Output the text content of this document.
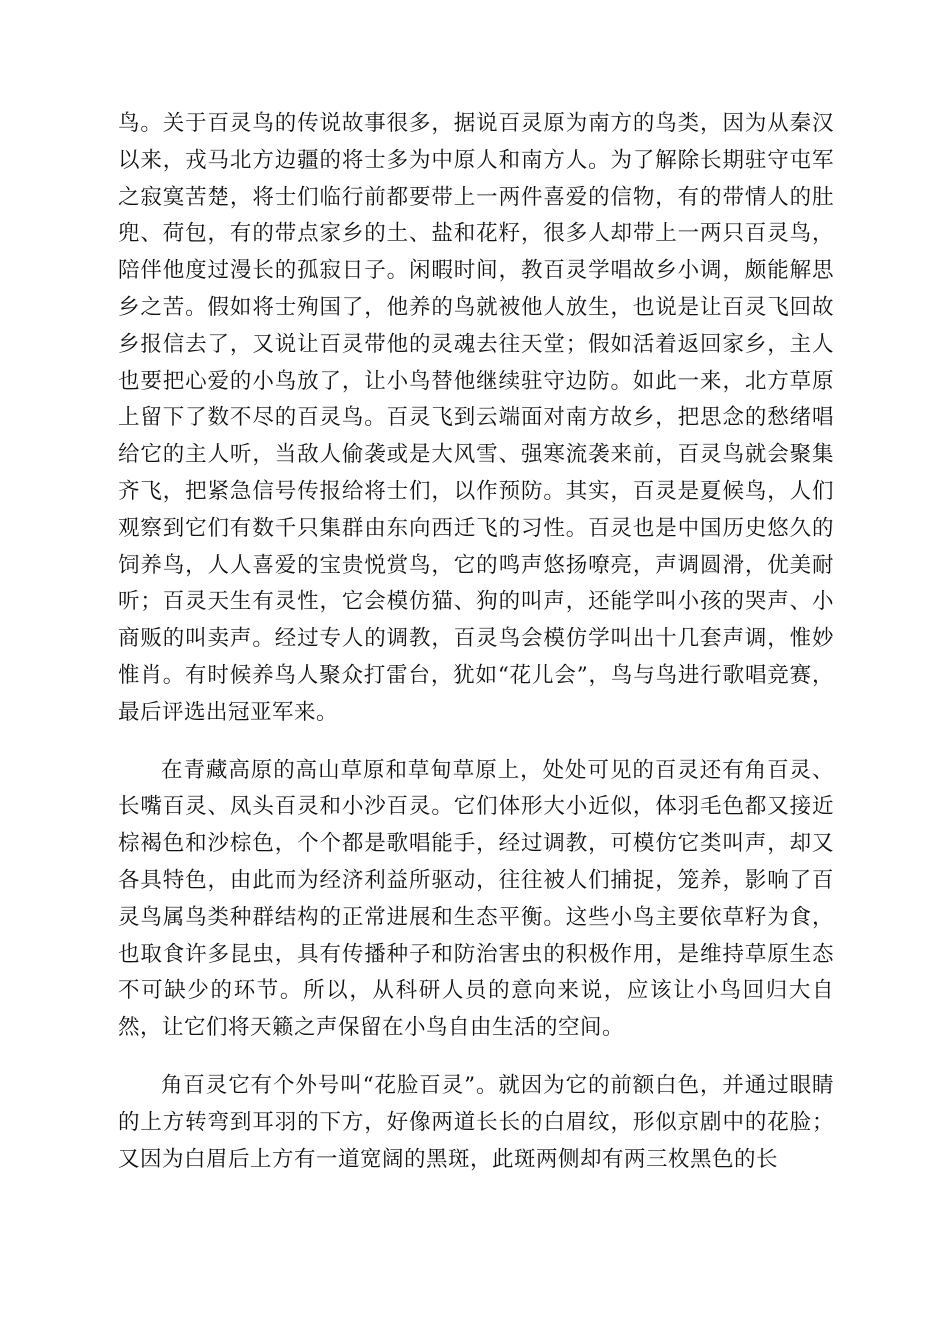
鸟。关于百灵鸟的传说故事很多，据说百灵原为南方的鸟类，因为从秦汉以来，戎马北方边疆的将士多为中原人和南方人。为了解除长期驻守屯军之寂寞苦楚，将士们临行前都要带上一两件喜爱的信物，有的带情人的肚兜、荷包，有的带点家乡的土、盐和花籽，很多人却带上一两只百灵鸟，陪伴他度过漫长的孤寂日子。闲暇时间，教百灵学唱故乡小调，颇能解思乡之苦。假如将士殉国了，他养的鸟就被他人放生，也说是让百灵飞回故乡报信去了，又说让百灵带他的灵魂去往天堂；假如活着返回家乡，主人也要把心爱的小鸟放了，让小鸟替他继续驻守边防。如此一来，北方草原上留下了数不尽的百灵鸟。百灵飞到云端面对南方故乡，把思念的愁绪唱给它的主人听，当敌人偷袭或是大风雪、强寒流袭来前，百灵鸟就会聚集齐飞，把紧急信号传报给将士们，以作预防。其实，百灵是夏候鸟，人们观察到它们有数千只集群由东向西迁飞的习性。百灵也是中国历史悠久的饲养鸟，人人喜爱的宝贵悦赏鸟，它的鸣声悠扬嘹亮，声调圆滑，优美耐听；百灵天生有灵性，它会模仿猫、狗的叫声，还能学叫小孩的哭声、小商贩的叫卖声。经过专人的调教，百灵鸟会模仿学叫出十几套声调，惟妙惟肖。有时候养鸟人聚众打雷台，犹如“花儿会”，鸟与鸟进行歌唱竞赛，最后评选出冠亚军来。

在青藏高原的高山草原和草甸草原上，处处可见的百灵还有角百灵、长嘴百灵、凤头百灵和小沙百灵。它们体形大小近似，体羽毛色都又接近棕褐色和沙棕色，个个都是歌唱能手，经过调教，可模仿它类叫声，却又各具特色，由此而为经济利益所驱动，往往被人们捕捉，笼养，影响了百灵鸟属鸟类种群结构的正常进展和生态平衡。这些小鸟主要依草籽为食，也取食许多昆虫，具有传播种子和防治害虫的积极作用，是维持草原生态不可缺少的环节。所以，从科研人员的意向来说，应该让小鸟回归大自然，让它们将天籁之声保留在小鸟自由生活的空间。

角百灵它有个外号叫“花脸百灵”。就因为它的前额白色，并通过眼睛的上方转弯到耳羽的下方，好像两道长长的白眉纹，形似京剧中的花脸；又因为白眉后上方有一道宽阔的黑斑，此斑两侧却有两三枚黑色的长
